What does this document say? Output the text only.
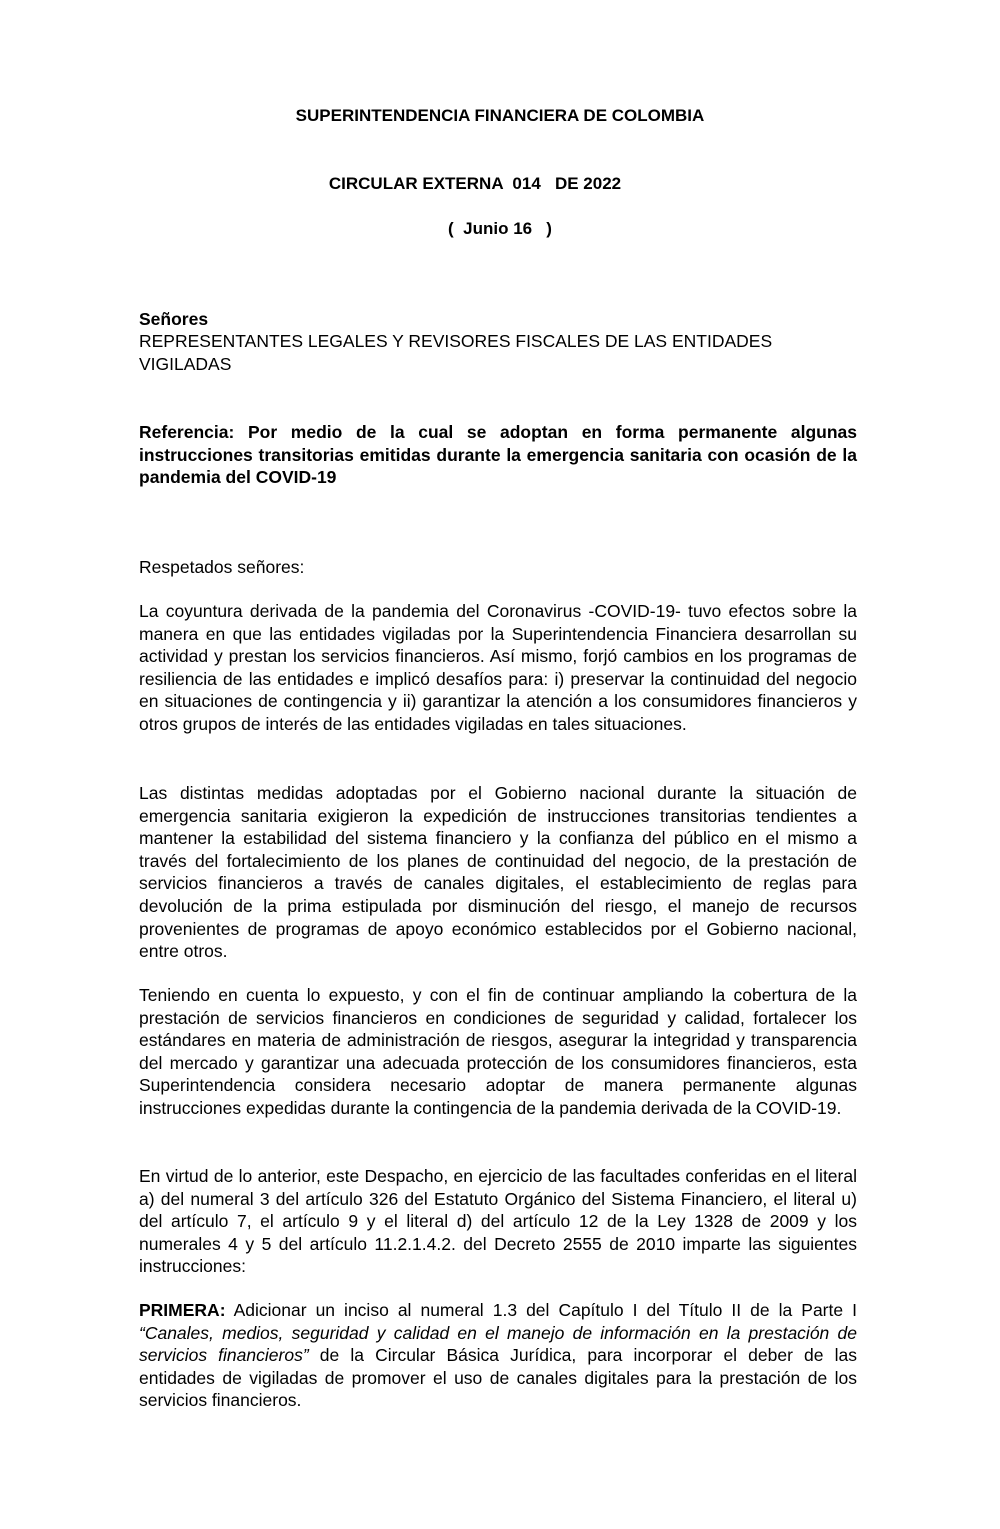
SUPERINTENDENCIA FINANCIERA DE COLOMBIA
CIRCULAR EXTERNA  014   DE 2022
(  Junio 16   )
Señores
REPRESENTANTES LEGALES Y REVISORES FISCALES DE LAS ENTIDADES VIGILADAS
Referencia: Por medio de la cual se adoptan en forma permanente algunas instrucciones transitorias emitidas durante la emergencia sanitaria con ocasión de la pandemia del COVID-19
Respetados señores:
La coyuntura derivada de la pandemia del Coronavirus -COVID-19- tuvo efectos sobre la manera en que las entidades vigiladas por la Superintendencia Financiera desarrollan su actividad y prestan los servicios financieros. Así mismo, forjó cambios en los programas de resiliencia de las entidades e implicó desafíos para: i) preservar la continuidad del negocio en situaciones de contingencia y ii) garantizar la atención a los consumidores financieros y otros grupos de interés de las entidades vigiladas en tales situaciones.
Las distintas medidas adoptadas por el Gobierno nacional durante la situación de emergencia sanitaria exigieron la expedición de instrucciones transitorias tendientes a mantener la estabilidad del sistema financiero y la confianza del público en el mismo a través del fortalecimiento de los planes de continuidad del negocio, de la prestación de servicios financieros a través de canales digitales, el establecimiento de reglas para devolución de la prima estipulada por disminución del riesgo, el manejo de recursos provenientes de programas de apoyo económico establecidos por el Gobierno nacional, entre otros.
Teniendo en cuenta lo expuesto, y con el fin de continuar ampliando la cobertura de la prestación de servicios financieros en condiciones de seguridad y calidad, fortalecer los estándares en materia de administración de riesgos, asegurar la integridad y transparencia del mercado y garantizar una adecuada protección de los consumidores financieros, esta Superintendencia considera necesario adoptar de manera permanente algunas instrucciones expedidas durante la contingencia de la pandemia derivada de la COVID-19.
En virtud de lo anterior, este Despacho, en ejercicio de las facultades conferidas en el literal a) del numeral 3 del artículo 326 del Estatuto Orgánico del Sistema Financiero, el literal u) del artículo 7, el artículo 9 y el literal d) del artículo 12 de la Ley 1328 de 2009 y los numerales 4 y 5 del artículo 11.2.1.4.2. del Decreto 2555 de 2010 imparte las siguientes instrucciones:
PRIMERA: Adicionar un inciso al numeral 1.3 del Capítulo I del Título II de la Parte I “Canales, medios, seguridad y calidad en el manejo de información en la prestación de servicios financieros” de la Circular Básica Jurídica, para incorporar el deber de las entidades de vigiladas de promover el uso de canales digitales para la prestación de los servicios financieros.
